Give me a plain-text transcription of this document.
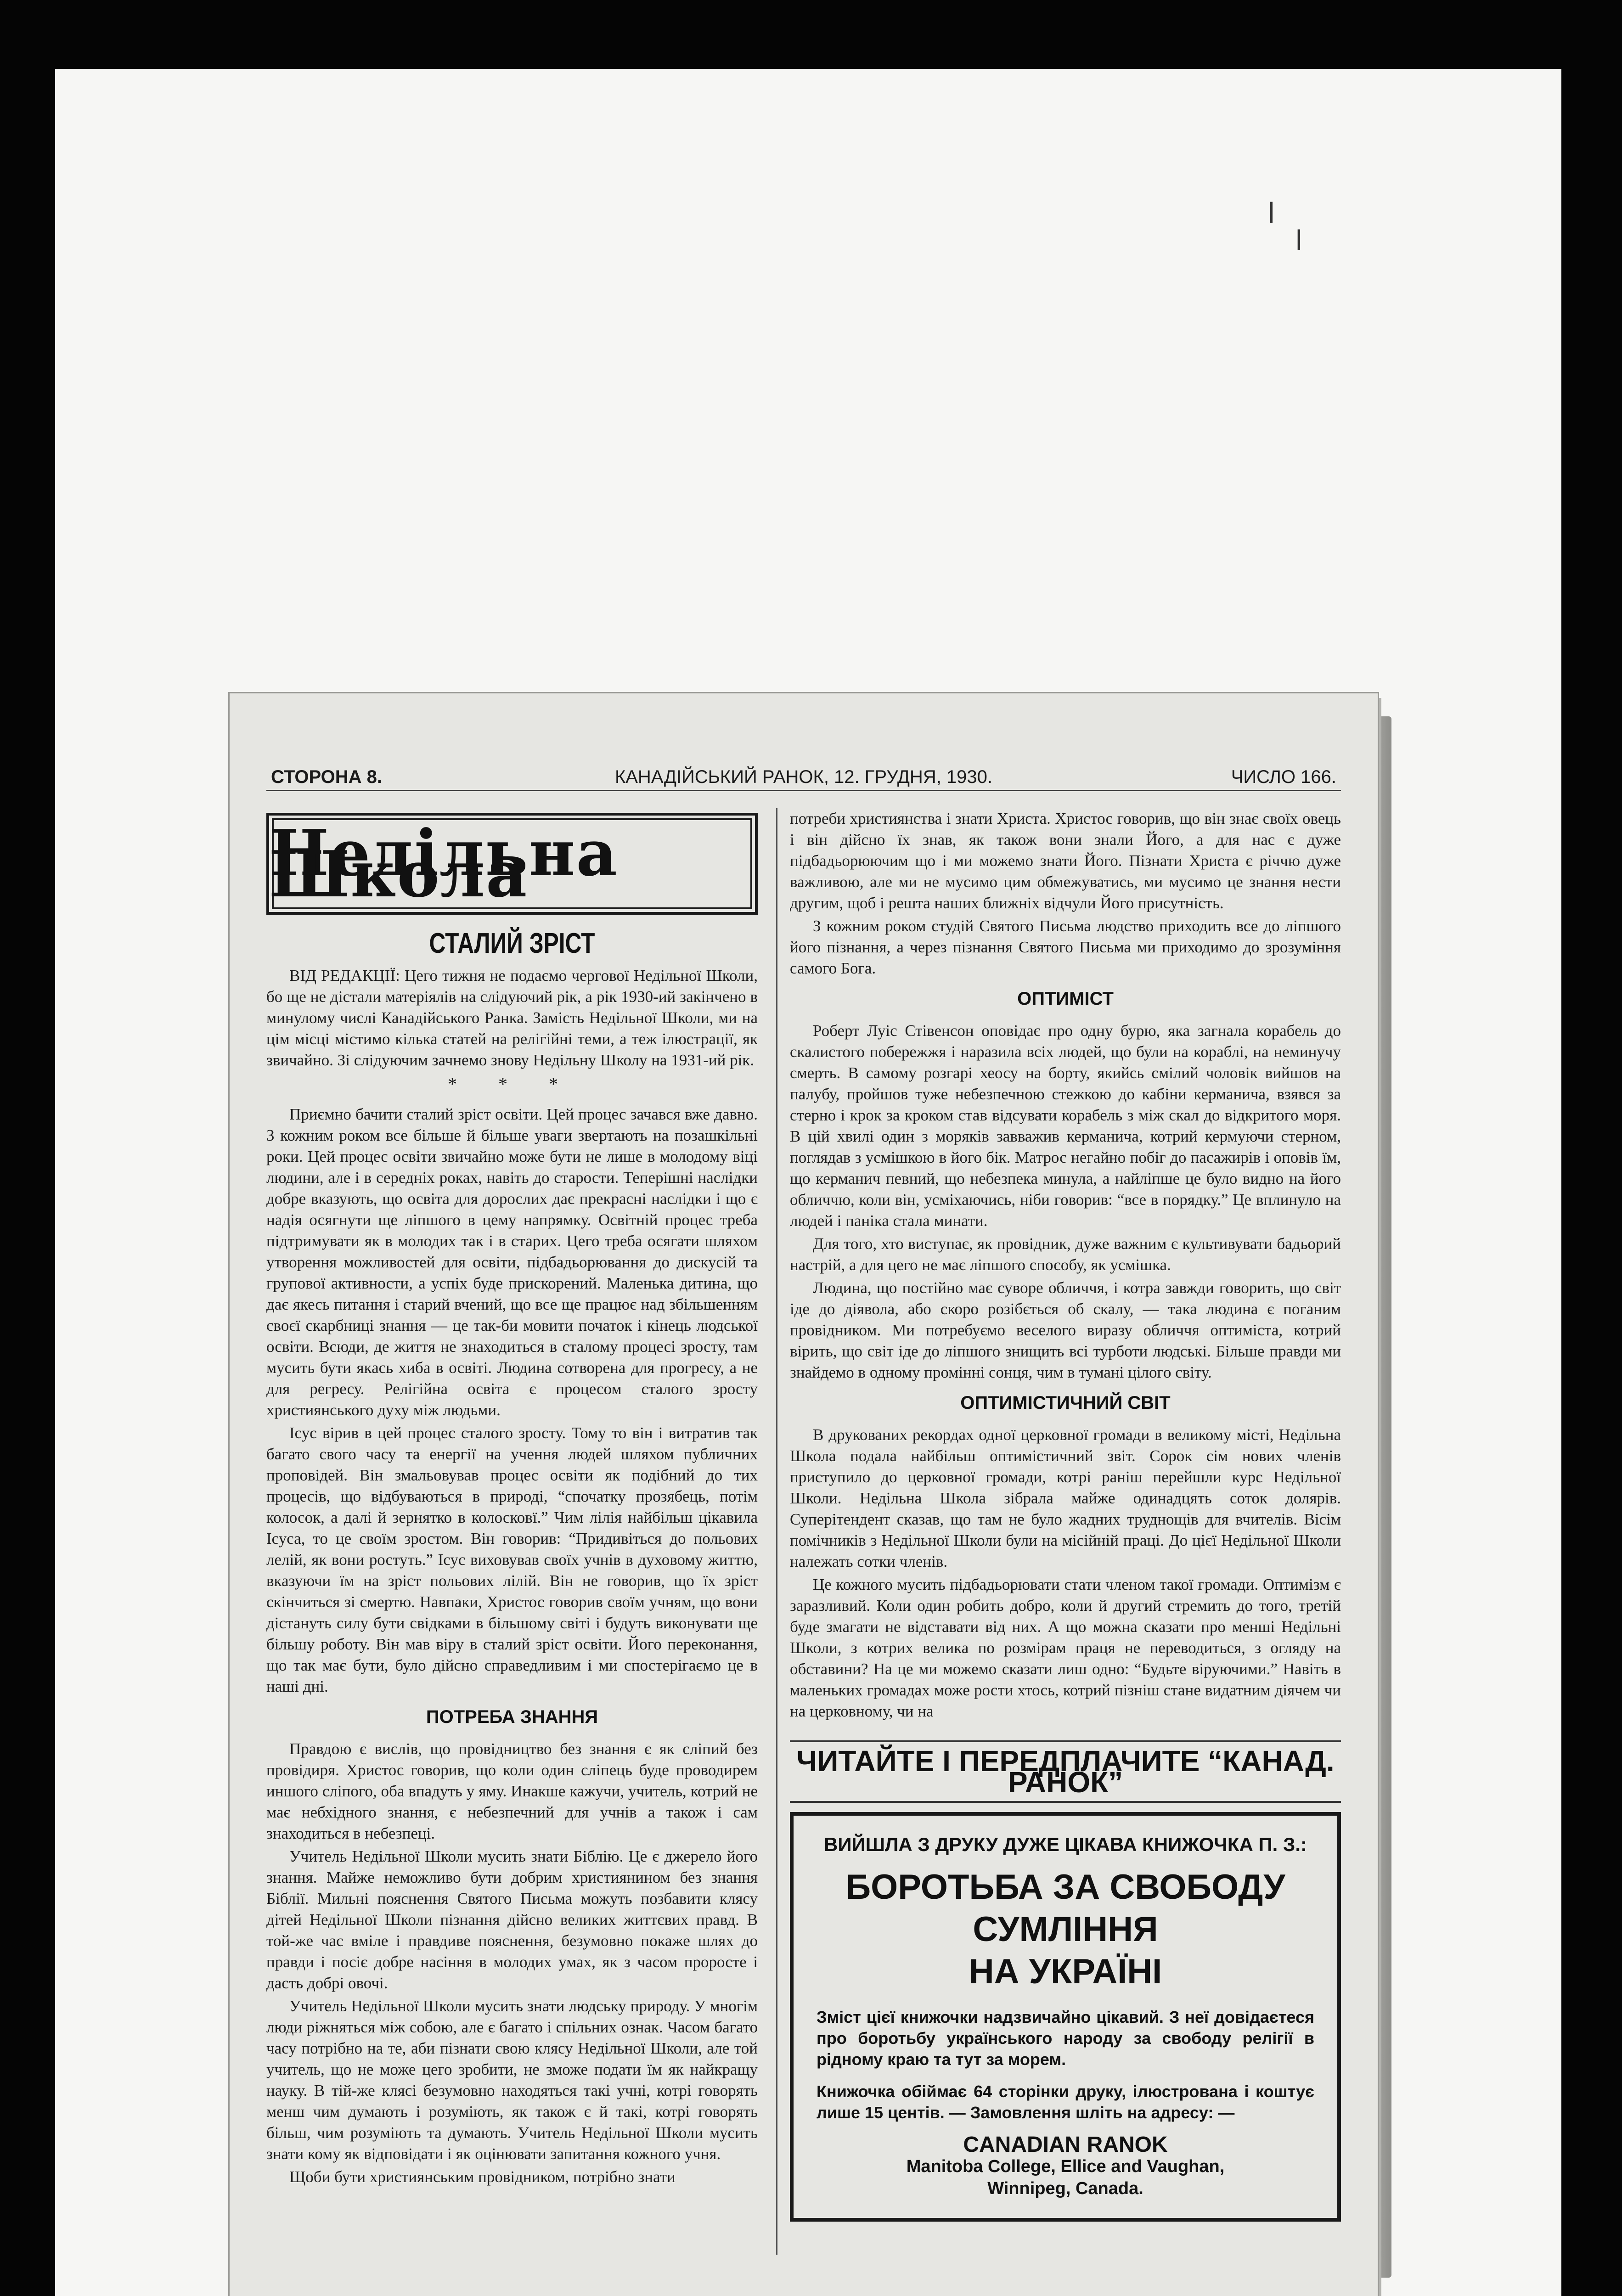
l
l
СТОРОНА 8.	КАНАДІЙСЬКИЙ РАНОК, 12. ГРУДНЯ, 1930.	ЧИСЛО 166.
Недільна Школа
СТАЛИЙ ЗРІСТ

ВІД РЕДАКЦІЇ: Цего тижня не подаємо чергової Недільної Школи, бо ще не дістали матеріялів на слідуючий рік, а рік 1930-ий закінчено в минулому числі Канадійського Ранка. Замість Недільної Школи, ми на цім місці містимо кілька статей на релігійні теми, а теж ілюстрації, як звичайно. Зі слідуючим зачнемо знову Недільну Школу на 1931-ий рік.

* * *

Приємно бачити сталий зріст освіти. Цей процес зачався вже давно. З кожним роком все більше й більше уваги звертають на позашкільні роки. Цей процес освіти звичайно може бути не лише в молодому віці людини, але і в середніх роках, навіть до старости. Теперішні наслідки добре вказують, що освіта для дорослих дає прекрасні наслідки і що є надія осягнути ще ліпшого в цему напрямку. Освітній процес треба підтримувати як в молодих так і в старих. Цего треба осягати шляхом утворення можливостей для освіти, підбадьорювання до дискусій та групової активности, а успіх буде прискорений. Маленька дитина, що дає якесь питання і старий вчений, що все ще працює над збільшенням своєї скарбниці знання — це так-би мовити початок і кінець людської освіти. Всюди, де життя не знаходиться в сталому процесі зросту, там мусить бути якась хиба в освіті. Людина сотворена для прогресу, а не для регресу. Релігійна освіта є процесом сталого зросту християнського духу між людьми.

Ісус вірив в цей процес сталого зросту. Тому то він і витратив так багато свого часу та енергії на учення людей шляхом публичних проповідей. Він змальовував процес освіти як подібний до тих процесів, що відбуваються в природі, “спочатку прозябець, потім колосок, а далі й зернятко в колосковї.” Чим лілія найбільш цікавила Ісуса, то це своїм зростом. Він говорив: “Придивіться до польових лелій, як вони ростуть.” Ісус виховував своїх учнів в духовому життю, вказуючи їм на зріст польових лілій. Він не говорив, що їх зріст скінчиться зі смертю. Навпаки, Христос говорив своїм учням, що вони дістануть силу бути свідками в більшому світі і будуть виконувати ще більшу роботу. Він мав віру в сталий зріст освіти. Його переконання, що так має бути, було дійсно справедливим і ми спостерігаємо це в наші дні.

ПОТРЕБА ЗНАННЯ

Правдою є вислів, що провідництво без знання є як сліпий без провідиря. Христос говорив, що коли один сліпець буде проводирем иншого сліпого, оба впадуть у яму. Инакше кажучи, учитель, котрий не має небхідного знання, є небезпечний для учнів а також і сам знаходиться в небезпеці.

Учитель Недільної Школи мусить знати Біблію. Це є джерело його знання. Майже неможливо бути добрим християнином без знання Біблії. Мильні пояснення Святого Письма можуть позбавити клясу дітей Недільної Школи пізнання дійсно великих життєвих правд. В той-же час вміле і правдиве пояснення, безумовно покаже шлях до правди і посіє добре насіння в молодих умах, як з часом проросте і дасть добрі овочі.

Учитель Недільної Школи мусить знати людську природу. У многім люди ріжняться між собою, але є багато і спільних ознак. Часом багато часу потрібно на те, аби пізнати свою клясу Недільної Школи, але той учитель, що не може цего зробити, не зможе подати їм як найкращу науку. В тій-же клясі безумовно находяться такі учні, котрі говорять менш чим думають і розуміють, як також є й такі, котрі говорять більш, чим розуміють та думають. Учитель Недільної Школи мусить знати кому як відповідати і як оцінювати запитання кожного учня.

Щоби бути християнським провідником, потрібно знати

потреби християнства і знати Христа. Христос говорив, що він знає своїх овець і він дійсно їх знав, як також вони знали Його, а для нас є дуже підбадьорюючим що і ми можемо знати Його. Пізнати Христа є річчю дуже важливою, але ми не мусимо цим обмежуватись, ми мусимо це знання нести другим, щоб і решта наших ближніх відчули Його присутність.

З кожним роком студій Святого Письма людство приходить все до ліпшого його пізнання, а через пізнання Святого Письма ми приходимо до зрозуміння самого Бога.

ОПТИМІСТ

Роберт Луіс Стівенсон оповідає про одну бурю, яка загнала корабель до скалистого побережжя і наразила всіх людей, що були на кораблі, на неминучу смерть. В самому розгарі хеосу на борту, якийсь смілий чоловік вийшов на палубу, пройшов туже небезпечною стежкою до кабіни керманича, взявся за стерно і крок за кроком став відсувати корабель з між скал до відкритого моря. В цій хвилі один з моряків завважив керманича, котрий кермуючи стерном, поглядав з усмішкою в його бік. Матрос негайно побіг до пасажирів і оповів їм, що керманич певний, що небезпека минула, а найліпше це було видно на його обличчю, коли він, усміхаючись, ніби говорив: “все в порядку.” Це вплинуло на людей і паніка стала минати.

Для того, хто виступає, як провідник, дуже важним є культивувати бадьорий настрій, а для цего не має ліпшого способу, як усмішка.

Людина, що постійно має суворе обличчя, і котра завжди говорить, що світ іде до діявола, або скоро розібється об скалу, — така людина є поганим провідником. Ми потребуємо веселого виразу обличчя оптиміста, котрий вірить, що світ іде до ліпшого знищить всі турботи людські. Більше правди ми знайдемо в одному промінні сонця, чим в тумані цілого світу.

ОПТИМІСТИЧНИЙ СВІТ

В друкованих рекордах одної церковної громади в великому місті, Недільна Школа подала найбільш оптимістичний звіт. Сорок сім нових членів приступило до церковної громади, котрі раніш перейшли курс Недільної Школи. Недільна Школа зібрала майже одинадцять соток долярів. Суперітендент сказав, що там не було жадних труднощів для вчителів. Вісім помічників з Недільної Школи були на місійній праці. До цієї Недільної Школи належать сотки членів.

Це кожного мусить підбадьорювати стати членом такої громади. Оптимізм є заразливий. Коли один робить добро, коли й другий стремить до того, третій буде змагати не відставати від них. А що можна сказати про менші Недільні Школи, з котрих велика по розмірам праця не переводиться, з огляду на обставини? На це ми можемо сказати лиш одно: “Будьте віруючими.” Навіть в маленьких громадах може рости хтось, котрий пізніш стане видатним діячем чи на церковному, чи на

ЧИТАЙТЕ І ПЕРЕДПЛАЧИТЕ “КАНАД. РАНОК”
ВИЙШЛА З ДРУКУ ДУЖЕ ЦІКАВА КНИЖОЧКА П. З.:
БОРОТЬБА ЗА СВОБОДУ СУМЛІННЯ
НА УКРАЇНІ
Зміст цієї книжочки надзвичайно цікавий. З неї довідаєтеся про боротьбу українського народу за свободу релігії в рідному краю та тут за морем.
Книжочка обіймає 64 сторінки друку, ілюстрована і коштує лише 15 центів. — Замовлення шліть на адресу: —
CANADIAN RANOK
Manitoba College, Ellice and Vaughan,
Winnipeg, Canada.
